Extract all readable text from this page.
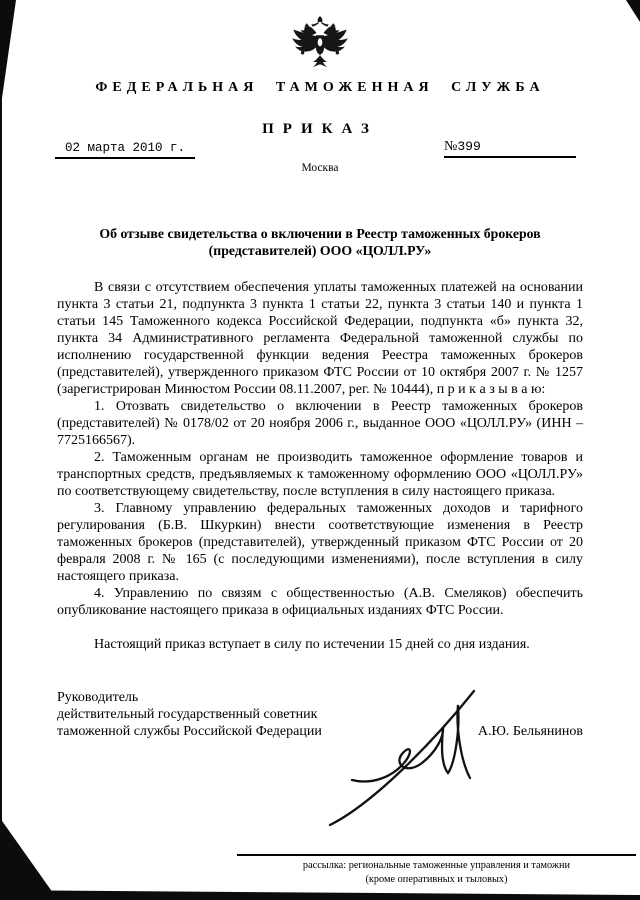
ФЕДЕРАЛЬНАЯ ТАМОЖЕННАЯ СЛУЖБА
ПРИКАЗ
02 марта 2010 г.	№399
Москва
Об отзыве свидетельства о включении в Реестр таможенных брокеров
(представителей) ООО «ЦОЛЛ.РУ»

В связи с отсутствием обеспечения уплаты таможенных платежей на основании пункта 3 статьи 21, подпункта 3 пункта 1 статьи 22, пункта 3 статьи 140 и пункта 1 статьи 145 Таможенного кодекса Российской Федерации, подпункта «б» пункта 32, пункта 34 Административного регламента Федеральной таможенной службы по исполнению государственной функции ведения Реестра таможенных брокеров (представителей), утвержденного приказом ФТС России от 10 октября 2007 г. № 1257 (зарегистрирован Минюстом России 08.11.2007, рег. № 10444), п р и к а з ы в а ю:

1. Отозвать свидетельство о включении в Реестр таможенных брокеров (представителей) № 0178/02 от 20 ноября 2006 г., выданное ООО «ЦОЛЛ.РУ» (ИНН – 7725166567).

2. Таможенным органам не производить таможенное оформление товаров и транспортных средств, предъявляемых к таможенному оформлению ООО «ЦОЛЛ.РУ» по соответствующему свидетельству, после вступления в силу настоящего приказа.

3. Главному управлению федеральных таможенных доходов и тарифного регулирования (Б.В. Шкуркин) внести соответствующие изменения в Реестр таможенных брокеров (представителей), утвержденный приказом ФТС России от 20 февраля 2008 г. № 165 (с последующими изменениями), после вступления в силу настоящего приказа.

4. Управлению по связям с общественностью (А.В. Смеляков) обеспечить опубликование настоящего приказа в официальных изданиях ФТС России.

Настоящий приказ вступает в силу по истечении 15 дней со дня издания.

Руководитель
действительный государственный советник
таможенной службы Российской Федерации	А.Ю. Бельянинов
рассылка: региональные таможенные управления и таможни
(кроме оперативных и тыловых)
